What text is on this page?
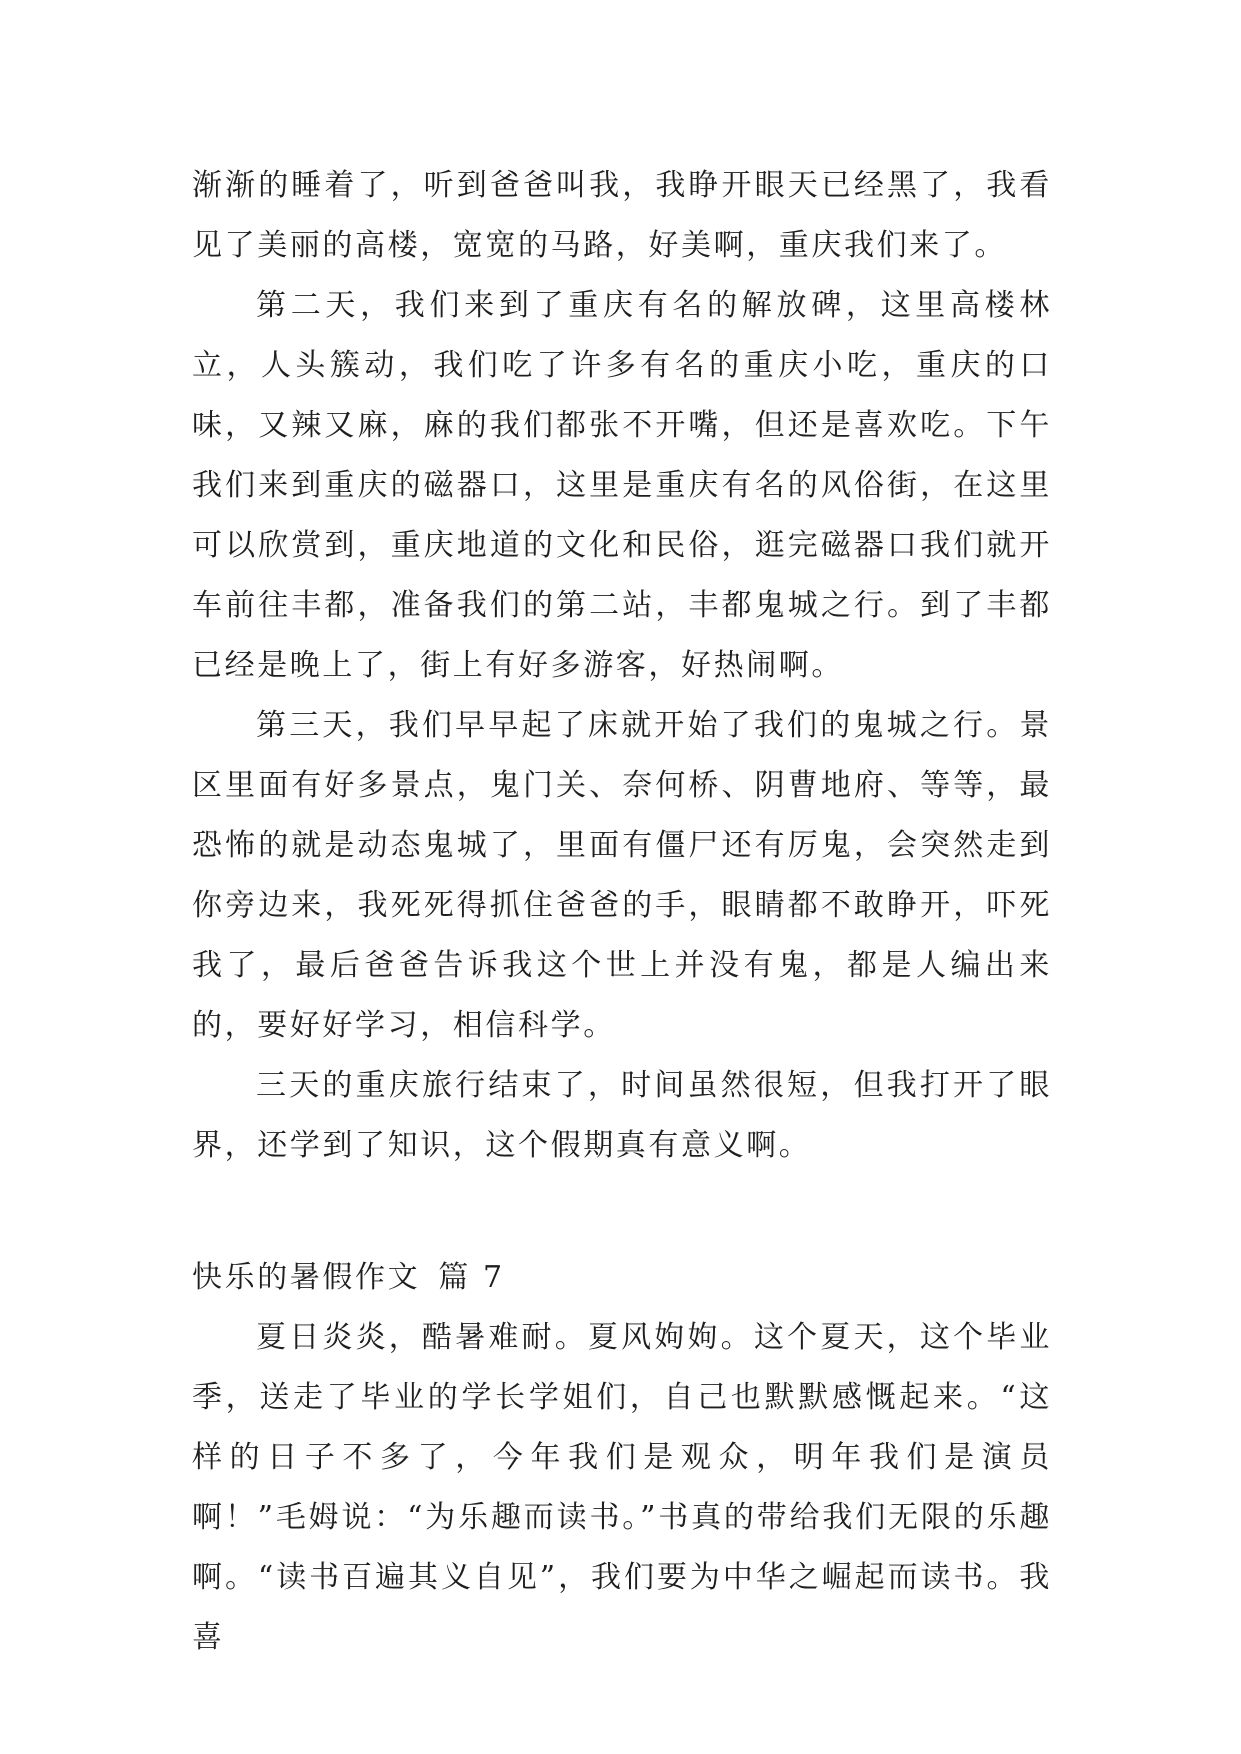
渐渐的睡着了，听到爸爸叫我，我睁开眼天已经黑了，我看见了美丽的高楼，宽宽的马路，好美啊，重庆我们来了。

第二天，我们来到了重庆有名的解放碑，这里高楼林立，人头簇动，我们吃了许多有名的重庆小吃，重庆的口味，又辣又麻，麻的我们都张不开嘴，但还是喜欢吃。下午我们来到重庆的磁器口，这里是重庆有名的风俗街，在这里可以欣赏到，重庆地道的文化和民俗，逛完磁器口我们就开车前往丰都，准备我们的第二站，丰都鬼城之行。到了丰都已经是晚上了，街上有好多游客，好热闹啊。

第三天，我们早早起了床就开始了我们的鬼城之行。景区里面有好多景点，鬼门关、奈何桥、阴曹地府、等等，最恐怖的就是动态鬼城了，里面有僵尸还有厉鬼，会突然走到你旁边来，我死死得抓住爸爸的手，眼睛都不敢睁开，吓死我了，最后爸爸告诉我这个世上并没有鬼，都是人编出来的，要好好学习，相信科学。

三天的重庆旅行结束了，时间虽然很短，但我打开了眼界，还学到了知识，这个假期真有意义啊。

快乐的暑假作文 篇 7

夏日炎炎，酷暑难耐。夏风姁姁。这个夏天，这个毕业季，送走了毕业的学长学姐们，自己也默默感慨起来。“这样的日子不多了，今年我们是观众，明年我们是演员啊！”毛姆说：“为乐趣而读书。”书真的带给我们无限的乐趣啊。“读书百遍其义自见”，我们要为中华之崛起而读书。我喜
